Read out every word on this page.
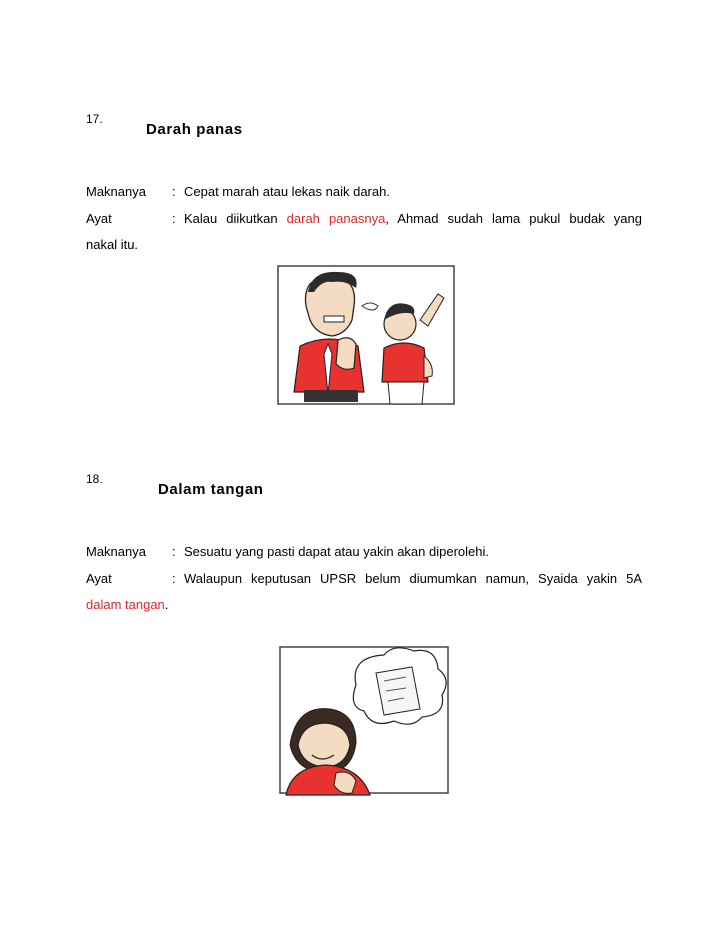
17.
Darah panas
Maknanya : Cepat marah atau lekas naik darah.
Ayat	: Kalau diikutkan darah panasnya, Ahmad sudah lama pukul budak yang
nakal itu.
18.
Dalam tangan
Maknanya : Sesuatu yang pasti dapat atau yakin akan diperolehi.
Ayat	: Walaupun keputusan UPSR belum diumumkan namun, Syaida yakin 5A
dalam tangan.
